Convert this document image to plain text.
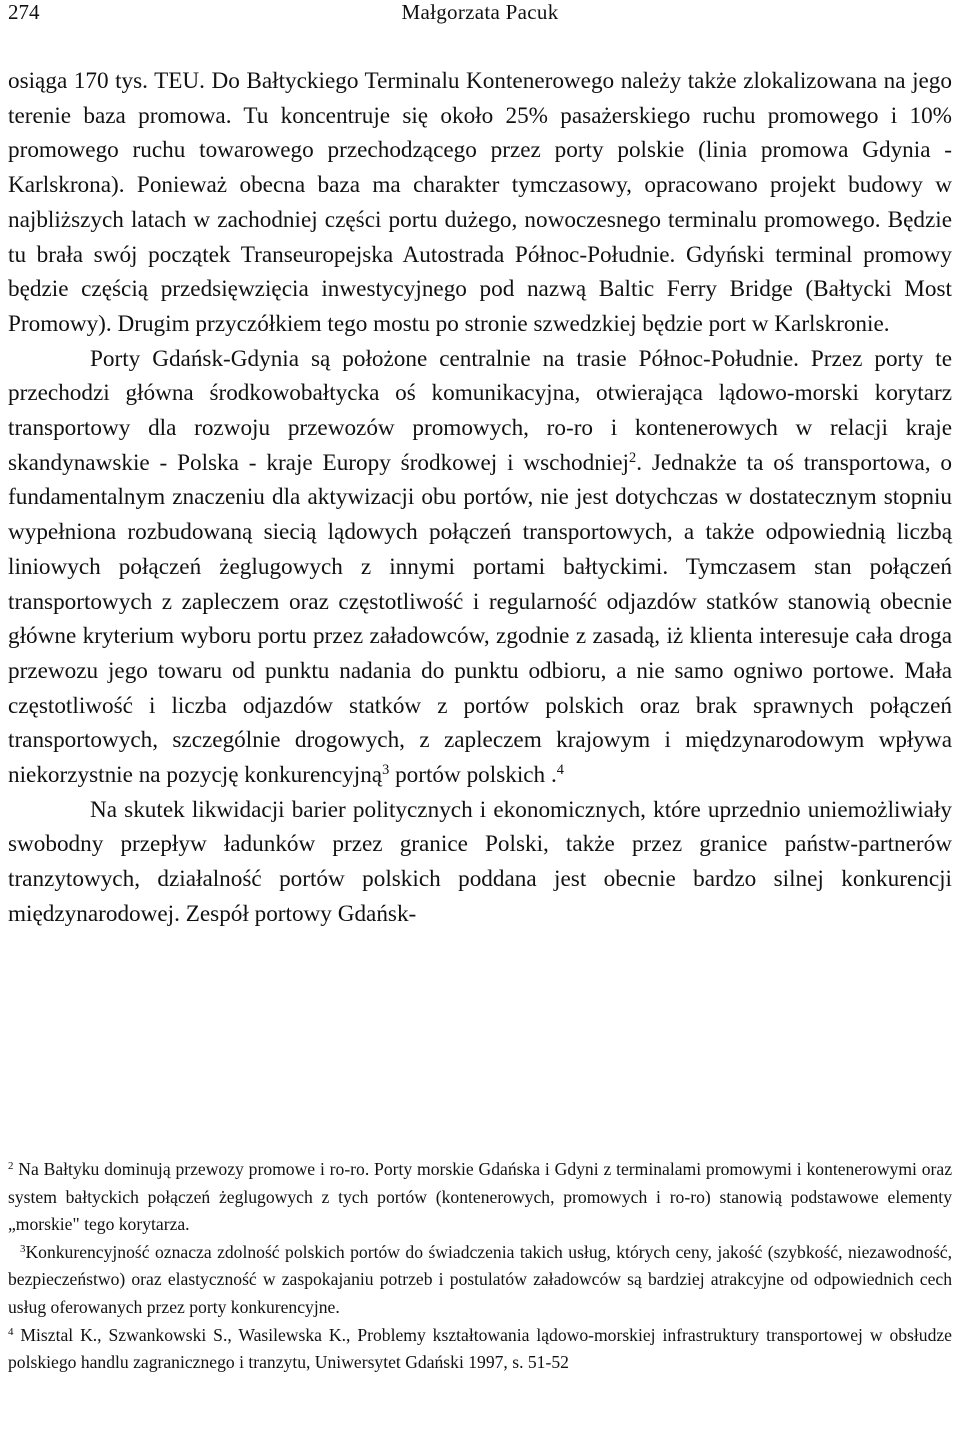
274	Małgorzata Pacuk

osiąga 170 tys. TEU. Do Bałtyckiego Terminalu Kontenerowego należy także zlokalizowana na jego terenie baza promowa. Tu koncentruje się około 25% pasażerskiego ruchu promowego i 10% promowego ruchu towarowego przechodzącego przez porty polskie (linia promowa Gdynia - Karlskrona). Ponieważ obecna baza ma charakter tymczasowy, opracowano projekt budowy w najbliższych latach w zachodniej części portu dużego, nowoczesnego terminalu promowego. Będzie tu brała swój początek Transeuropejska Autostrada Północ-Południe. Gdyński terminal promowy będzie częścią przedsięwzięcia inwestycyjnego pod nazwą Baltic Ferry Bridge (Bałtycki Most Promowy). Drugim przyczółkiem tego mostu po stronie szwedzkiej będzie port w Karlskronie.

Porty Gdańsk-Gdynia są położone centralnie na trasie Północ-Południe. Przez porty te przechodzi główna środkowobałtycka oś komunikacyjna, otwierająca lądowo-morski korytarz transportowy dla rozwoju przewozów promowych, ro-ro i kontenerowych w relacji kraje skandynawskie - Polska - kraje Europy środkowej i wschodniej$^2$. Jednakże ta oś transportowa, o fundamentalnym znaczeniu dla aktywizacji obu portów, nie jest dotychczas w dostatecznym stopniu wypełniona rozbudowaną siecią lądowych połączeń transportowych, a także odpowiednią liczbą liniowych połączeń żeglugowych z innymi portami bałtyckimi. Tymczasem stan połączeń transportowych z zapleczem oraz częstotliwość i regularność odjazdów statków stanowią obecnie główne kryterium wyboru portu przez załadowców, zgodnie z zasadą, iż klienta interesuje cała droga przewozu jego towaru od punktu nadania do punktu odbioru, a nie samo ogniwo portowe. Mała częstotliwość i liczba odjazdów statków z portów polskich oraz brak sprawnych połączeń transportowych, szczególnie drogowych, z zapleczem krajowym i międzynarodowym wpływa niekorzystnie na pozycję konkurencyjną$^3$ portów polskich .$^4$

Na skutek likwidacji barier politycznych i ekonomicznych, które uprzednio uniemożliwiały swobodny przepływ ładunków przez granice Polski, także przez granice państw-partnerów tranzytowych, działalność portów polskich poddana jest obecnie bardzo silnej konkurencji międzynarodowej. Zespół portowy Gdańsk-

$^2$ Na Bałtyku dominują przewozy promowe i ro-ro. Porty morskie Gdańska i Gdyni z terminalami promowymi i kontenerowymi oraz system bałtyckich połączeń żeglugowych z tych portów (kontenerowych, promowych i ro-ro) stanowią podstawowe elementy „morskie" tego korytarza.

$^3$Konkurencyjność oznacza zdolność polskich portów do świadczenia takich usług, których ceny, jakość (szybkość, niezawodność, bezpieczeństwo) oraz elastyczność w zaspokajaniu potrzeb i postulatów załadowców są bardziej atrakcyjne od odpowiednich cech usług oferowanych przez porty konkurencyjne.

$^4$ Misztal K., Szwankowski S., Wasilewska K., Problemy kształtowania lądowo-morskiej infrastruktury transportowej w obsłudze polskiego handlu zagranicznego i tranzytu, Uniwersytet Gdański 1997, s. 51-52
